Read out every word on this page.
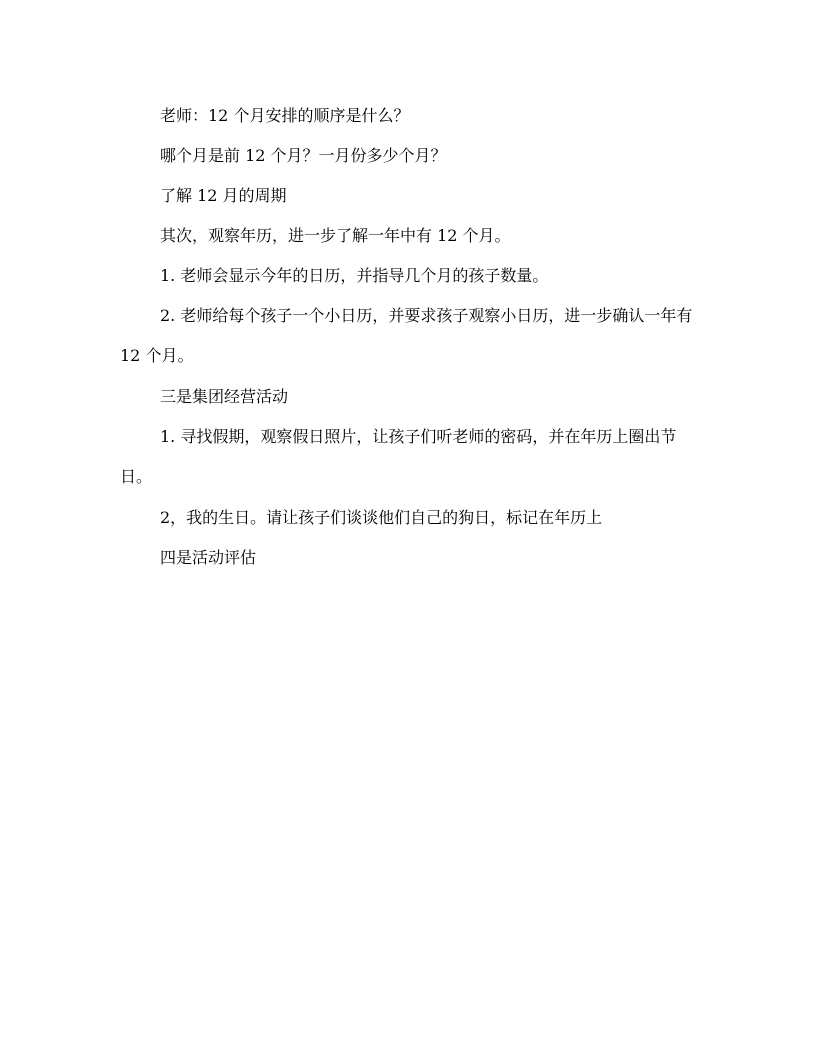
老师：12 个月安排的顺序是什么？

哪个月是前 12 个月？一月份多少个月？

了解 12 月的周期

其次，观察年历，进一步了解一年中有 12 个月。

1. 老师会显示今年的日历，并指导几个月的孩子数量。

2. 老师给每个孩子一个小日历，并要求孩子观察小日历，进一步确认一年有 12 个月。

三是集团经营活动

1. 寻找假期，观察假日照片，让孩子们听老师的密码，并在年历上圈出节日。

2，我的生日。请让孩子们谈谈他们自己的狗日，标记在年历上

四是活动评估
